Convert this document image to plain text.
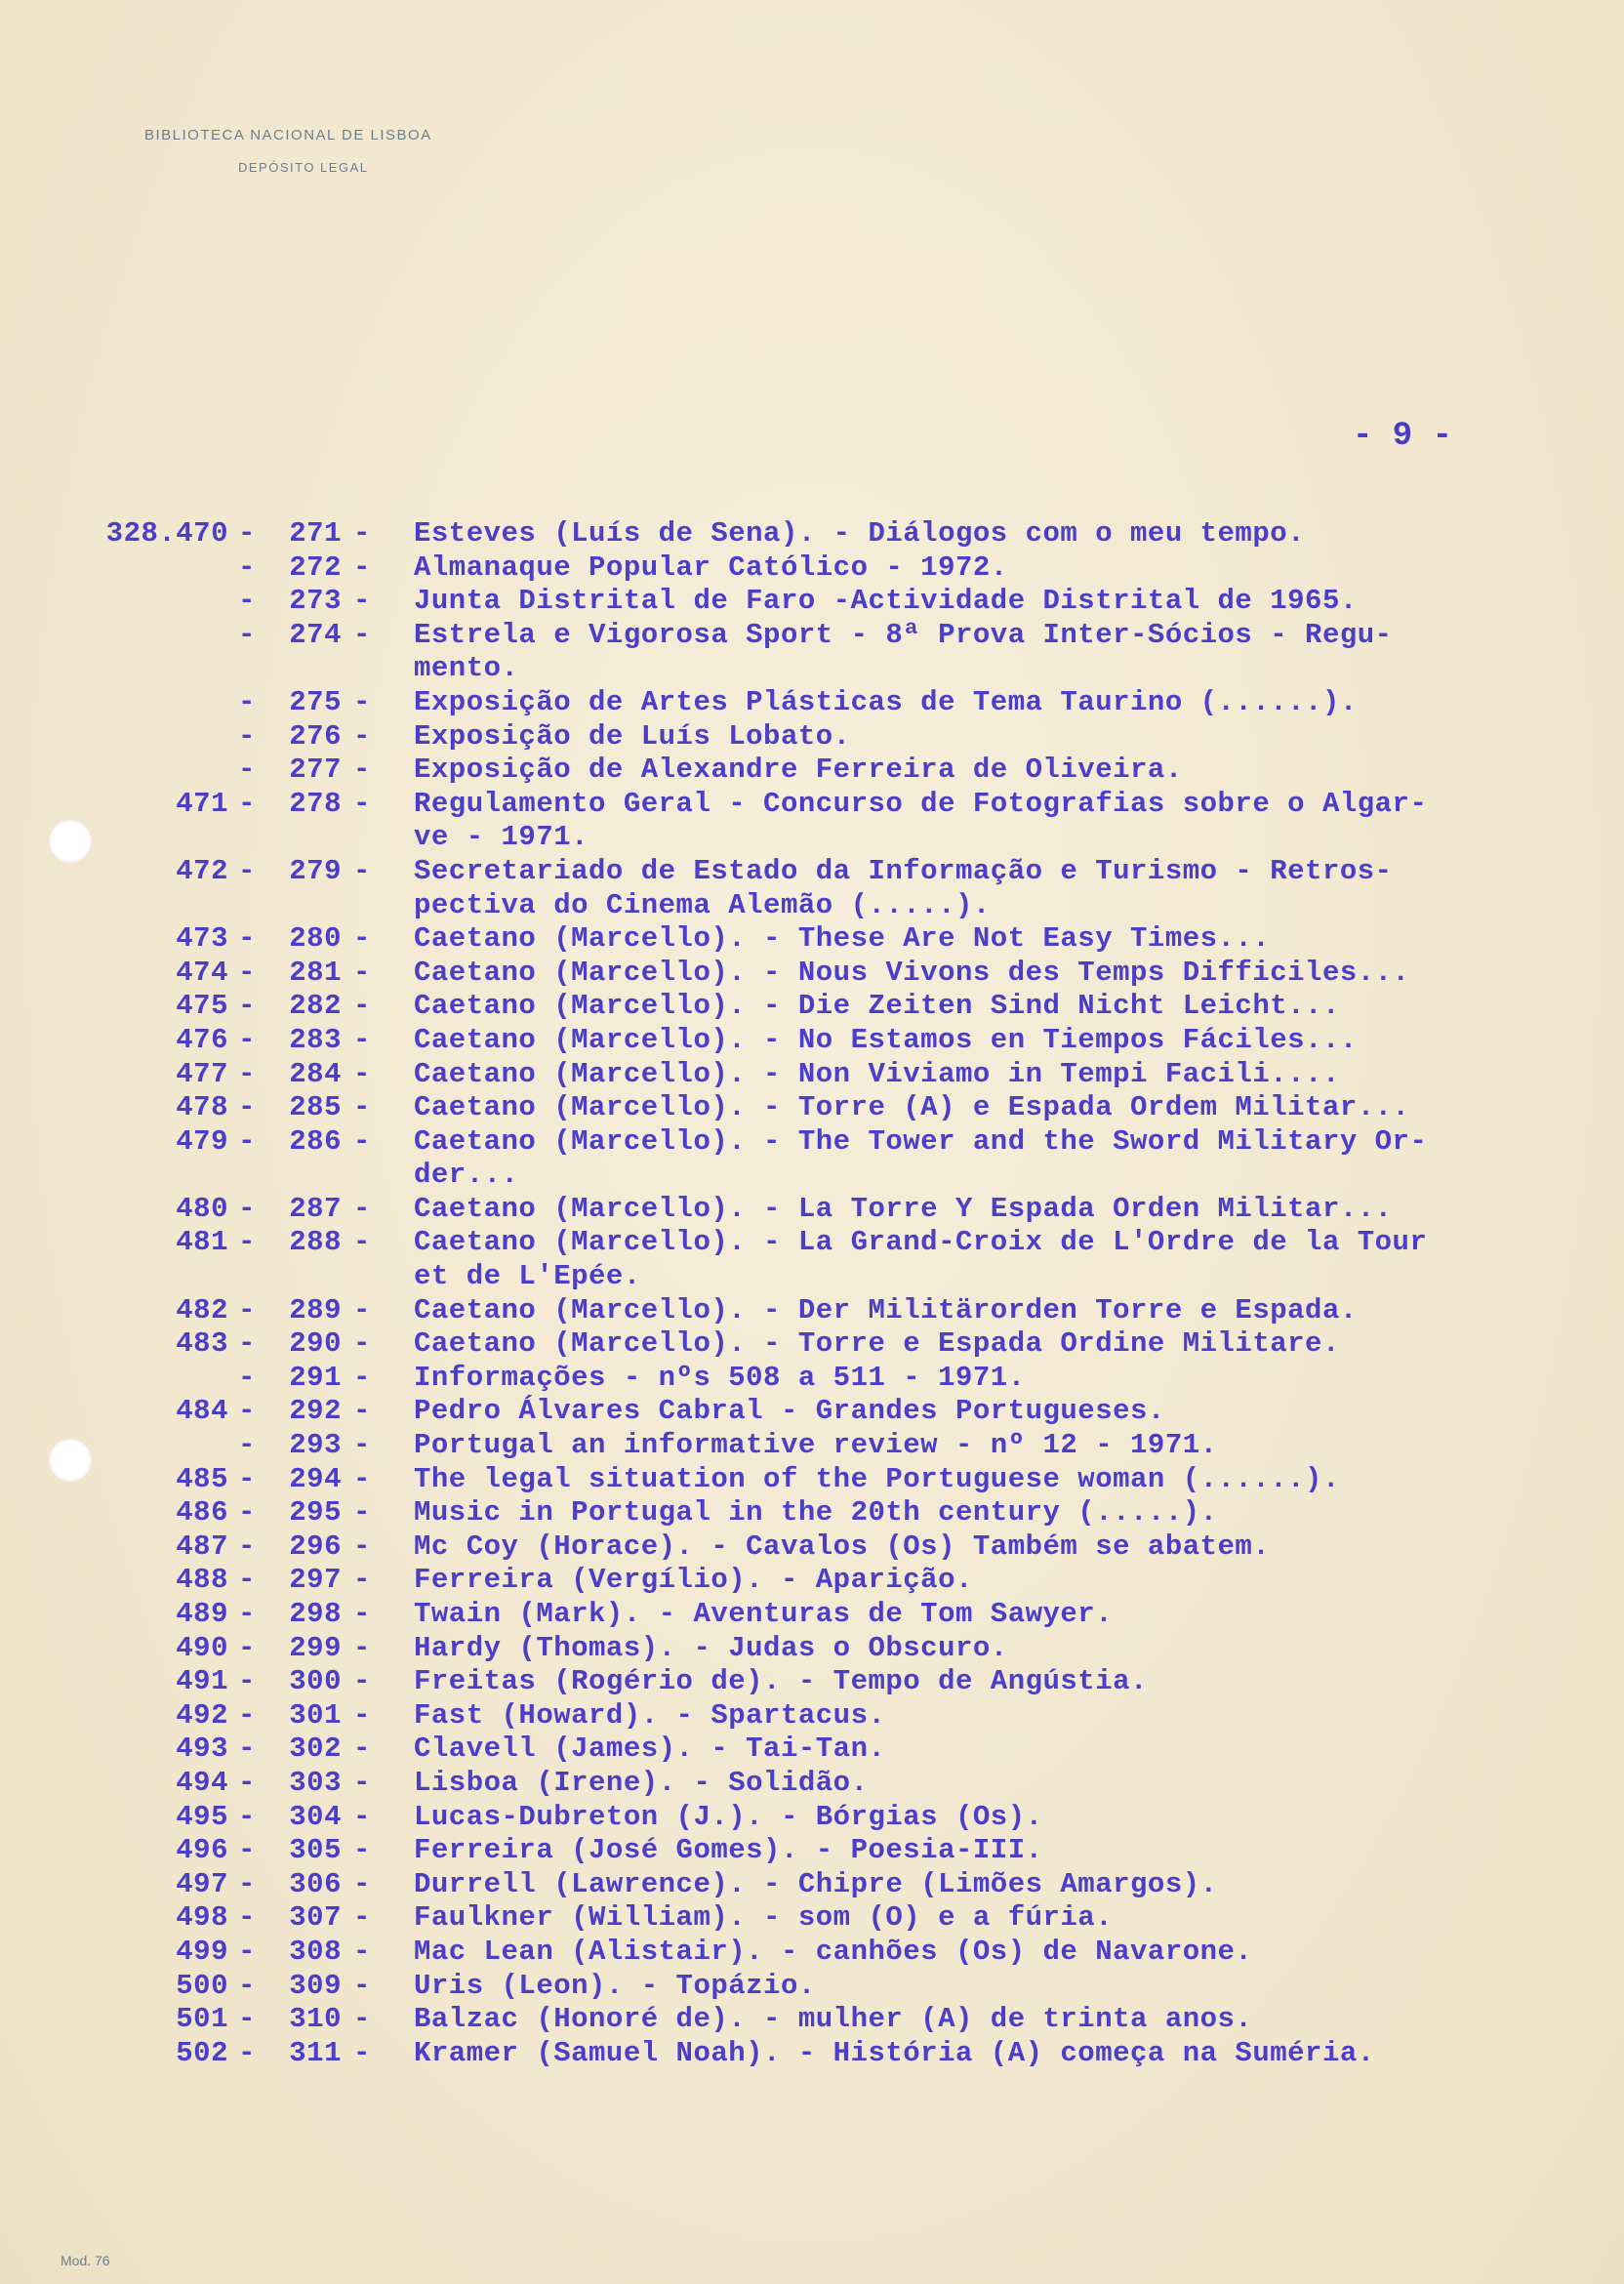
BIBLIOTECA NACIONAL DE LISBOA
DEPÓSITO LEGAL
- 9 -
328.470 - 271 - Esteves (Luís de Sena). - Diálogos com o meu tempo.
- 272 - Almanaque Popular Católico - 1972.
- 273 - Junta Distrital de Faro -Actividade Distrital de 1965.
- 274 - Estrela e Vigorosa Sport - 8ª Prova Inter-Sócios - Regu-
mento.
- 275 - Exposição de Artes Plásticas de Tema Taurino (......).
- 276 - Exposição de Luís Lobato.
- 277 - Exposição de Alexandre Ferreira de Oliveira.
471 - 278 - Regulamento Geral - Concurso de Fotografias sobre o Algar-
ve - 1971.
472 - 279 - Secretariado de Estado da Informação e Turismo - Retros-
pectiva do Cinema Alemão (.....).
473 - 280 - Caetano (Marcello). - These Are Not Easy Times...
474 - 281 - Caetano (Marcello). - Nous Vivons des Temps Difficiles...
475 - 282 - Caetano (Marcello). - Die Zeiten Sind Nicht Leicht...
476 - 283 - Caetano (Marcello). - No Estamos en Tiempos Fáciles...
477 - 284 - Caetano (Marcello). - Non Viviamo in Tempi Facili....
478 - 285 - Caetano (Marcello). - Torre (A) e Espada Ordem Militar...
479 - 286 - Caetano (Marcello). - The Tower and the Sword Military Or-
der...
480 - 287 - Caetano (Marcello). - La Torre Y Espada Orden Militar...
481 - 288 - Caetano (Marcello). - La Grand-Croix de L'Ordre de la Tour
et de L'Epée.
482 - 289 - Caetano (Marcello). - Der Militärorden Torre e Espada.
483 - 290 - Caetano (Marcello). - Torre e Espada Ordine Militare.
- 291 - Informações - nºs 508 a 511 - 1971.
484 - 292 - Pedro Álvares Cabral - Grandes Portugueses.
- 293 - Portugal an informative review - nº 12 - 1971.
485 - 294 - The legal situation of the Portuguese woman (......).
486 - 295 - Music in Portugal in the 20th century (.....).
487 - 296 - Mc Coy (Horace). - Cavalos (Os) Também se abatem.
488 - 297 - Ferreira (Vergílio). - Aparição.
489 - 298 - Twain (Mark). - Aventuras de Tom Sawyer.
490 - 299 - Hardy (Thomas). - Judas o Obscuro.
491 - 300 - Freitas (Rogério de). - Tempo de Angústia.
492 - 301 - Fast (Howard). - Spartacus.
493 - 302 - Clavell (James). - Tai-Tan.
494 - 303 - Lisboa (Irene). - Solidão.
495 - 304 - Lucas-Dubreton (J.). - Bórgias (Os).
496 - 305 - Ferreira (José Gomes). - Poesia-III.
497 - 306 - Durrell (Lawrence). - Chipre (Limões Amargos).
498 - 307 - Faulkner (William). - som (O) e a fúria.
499 - 308 - Mac Lean (Alistair). - canhões (Os) de Navarone.
500 - 309 - Uris (Leon). - Topázio.
501 - 310 - Balzac (Honoré de). - mulher (A) de trinta anos.
502 - 311 - Kramer (Samuel Noah). - História (A) começa na Suméria.
Mod. 76
